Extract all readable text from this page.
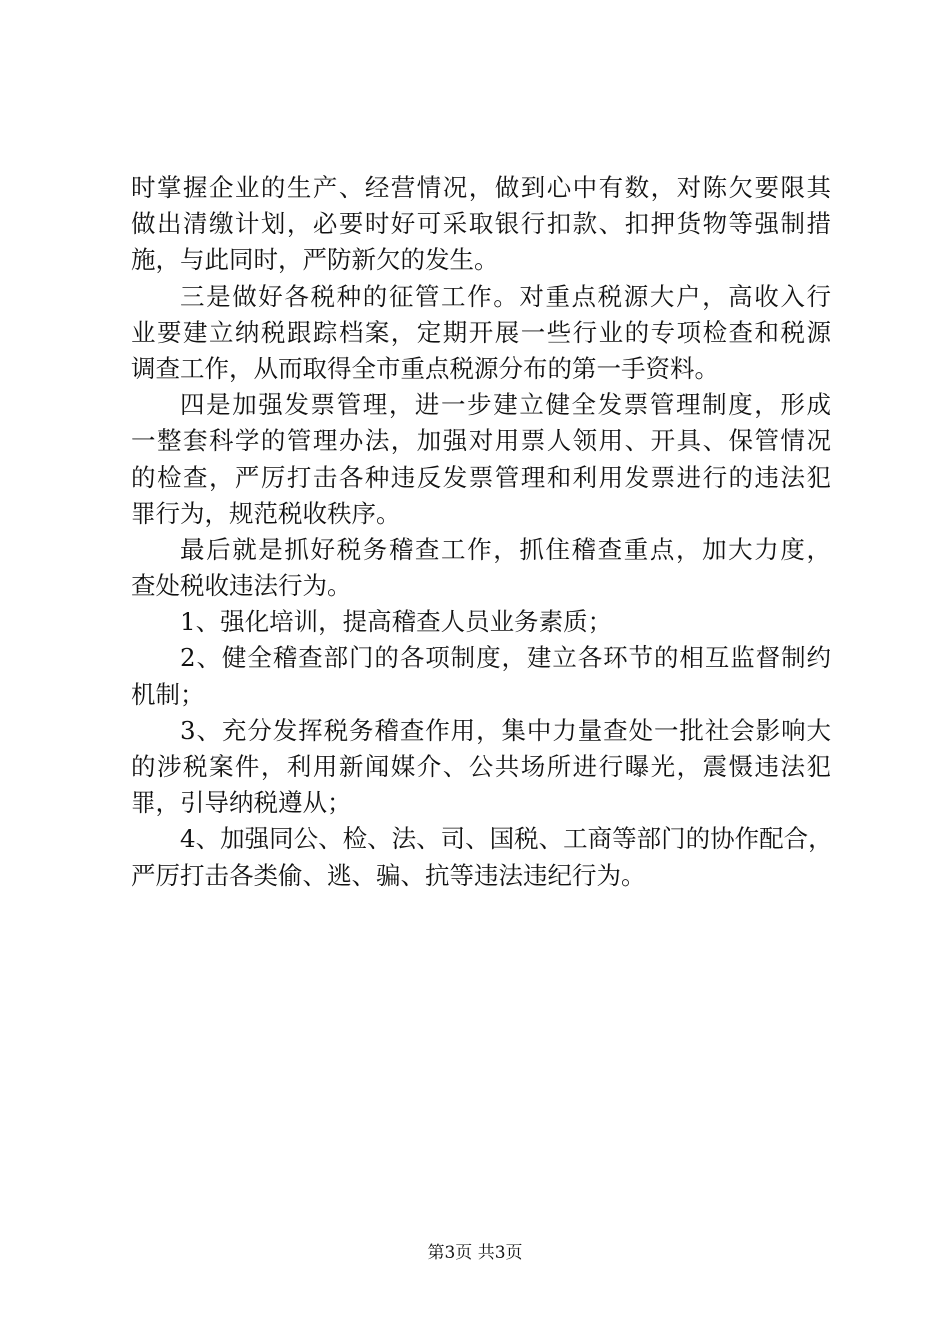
时掌握企业的生产、经营情况，做到心中有数，对陈欠要限其
做出清缴计划，必要时好可采取银行扣款、扣押货物等强制措
施，与此同时，严防新欠的发生。
三是做好各税种的征管工作。对重点税源大户，高收入行
业要建立纳税跟踪档案，定期开展一些行业的专项检查和税源
调查工作，从而取得全市重点税源分布的第一手资料。
四是加强发票管理，进一步建立健全发票管理制度，形成
一整套科学的管理办法，加强对用票人领用、开具、保管情况
的检查，严厉打击各种违反发票管理和利用发票进行的违法犯
罪行为，规范税收秩序。
最后就是抓好税务稽查工作，抓住稽查重点，加大力度，
查处税收违法行为。
1、强化培训，提高稽查人员业务素质；
2、健全稽查部门的各项制度，建立各环节的相互监督制约
机制；
3、充分发挥税务稽查作用，集中力量查处一批社会影响大
的涉税案件，利用新闻媒介、公共场所进行曝光，震慑违法犯
罪，引导纳税遵从；
4、加强同公、检、法、司、国税、工商等部门的协作配合，
严厉打击各类偷、逃、骗、抗等违法违纪行为。
第3页 共3页
